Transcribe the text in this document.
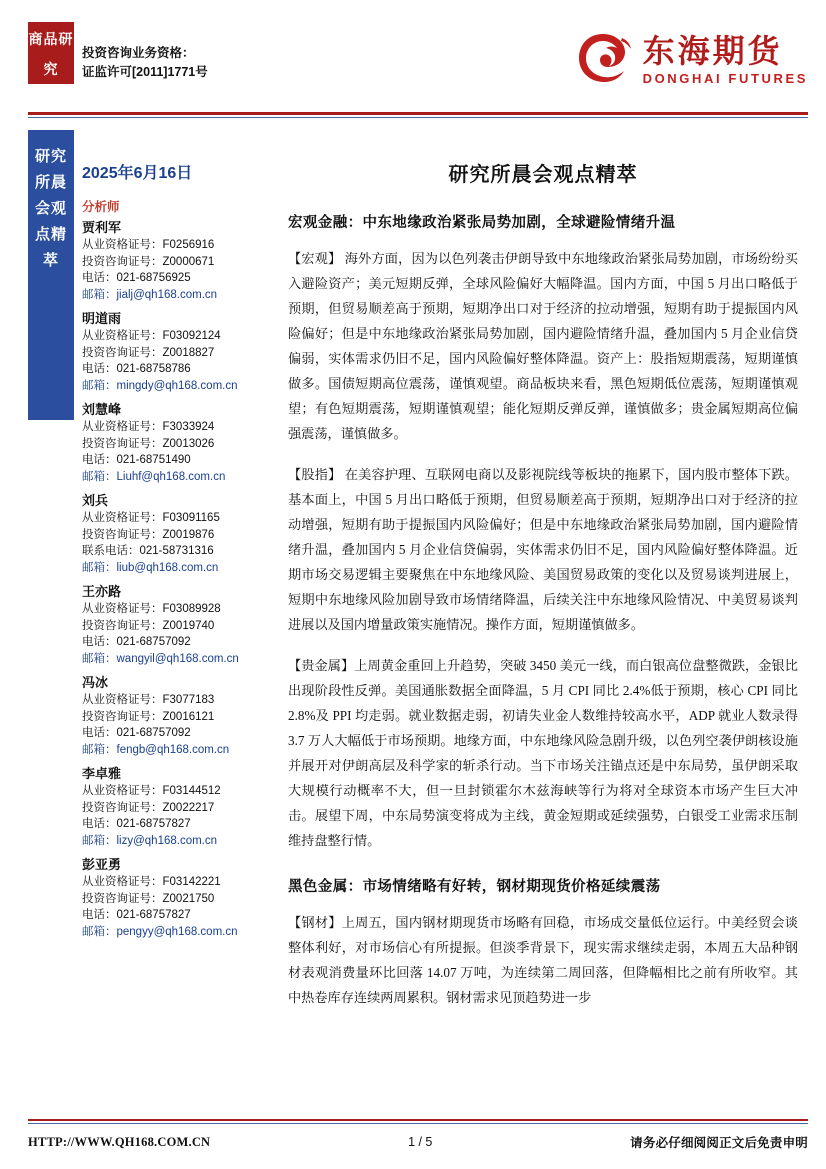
商品研究
投资咨询业务资格：
证监许可[2011]1771号
东海期货
DONGHAI FUTURES
研究所晨会观点精萃
2025年6月16日
分析师
贾利军
从业资格证号：F0256916
投资咨询证号：Z0000671
电话：021-68756925
邮箱：jialj@qh168.com.cn
明道雨
从业资格证号：F03092124
投资咨询证号：Z0018827
电话：021-68758786
邮箱：mingdy@qh168.com.cn
刘慧峰
从业资格证号：F3033924
投资咨询证号：Z0013026
电话：021-68751490
邮箱：Liuhf@qh168.com.cn
刘兵
从业资格证号：F03091165
投资咨询证号：Z0019876
联系电话：021-58731316
邮箱：liub@qh168.com.cn
王亦路
从业资格证号：F03089928
投资咨询证号：Z0019740
电话：021-68757092
邮箱：wangyil@qh168.com.cn
冯冰
从业资格证号：F3077183
投资咨询证号：Z0016121
电话：021-68757092
邮箱：fengb@qh168.com.cn
李卓雅
从业资格证号：F03144512
投资咨询证号：Z0022217
电话：021-68757827
邮箱：lizy@qh168.com.cn
彭亚勇
从业资格证号：F03142221
投资咨询证号：Z0021750
电话：021-68757827
邮箱：pengyy@qh168.com.cn
研究所晨会观点精萃
宏观金融：中东地缘政治紧张局势加剧，全球避险情绪升温

【宏观】 海外方面，因为以色列袭击伊朗导致中东地缘政治紧张局势加剧，市场纷纷买入避险资产；美元短期反弹，全球风险偏好大幅降温。国内方面，中国 5 月出口略低于预期，但贸易顺差高于预期，短期净出口对于经济的拉动增强，短期有助于提振国内风险偏好；但是中东地缘政治紧张局势加剧，国内避险情绪升温，叠加国内 5 月企业信贷偏弱，实体需求仍旧不足，国内风险偏好整体降温。资产上：股指短期震荡，短期谨慎做多。国债短期高位震荡，谨慎观望。商品板块来看，黑色短期低位震荡，短期谨慎观望；有色短期震荡，短期谨慎观望；能化短期反弹反弹，谨慎做多；贵金属短期高位偏强震荡，谨慎做多。

【股指】 在美容护理、互联网电商以及影视院线等板块的拖累下，国内股市整体下跌。基本面上，中国 5 月出口略低于预期，但贸易顺差高于预期，短期净出口对于经济的拉动增强，短期有助于提振国内风险偏好；但是中东地缘政治紧张局势加剧，国内避险情绪升温，叠加国内 5 月企业信贷偏弱，实体需求仍旧不足，国内风险偏好整体降温。近期市场交易逻辑主要聚焦在中东地缘风险、美国贸易政策的变化以及贸易谈判进展上，短期中东地缘风险加剧导致市场情绪降温，后续关注中东地缘风险情况、中美贸易谈判进展以及国内增量政策实施情况。操作方面，短期谨慎做多。

【贵金属】上周黄金重回上升趋势，突破 3450 美元一线，而白银高位盘整微跌，金银比出现阶段性反弹。美国通胀数据全面降温，5 月 CPI 同比 2.4%低于预期，核心 CPI 同比 2.8%及 PPI 均走弱。就业数据走弱，初请失业金人数维持较高水平，ADP 就业人数录得 3.7 万人大幅低于市场预期。地缘方面，中东地缘风险急剧升级，以色列空袭伊朗核设施并展开对伊朗高层及科学家的斩杀行动。当下市场关注锚点还是中东局势，虽伊朗采取大规模行动概率不大，但一旦封锁霍尔木兹海峡等行为将对全球资本市场产生巨大冲击。展望下周，中东局势演变将成为主线，黄金短期或延续强势，白银受工业需求压制维持盘整行情。

黑色金属：市场情绪略有好转，钢材期现货价格延续震荡

【钢材】上周五，国内钢材期现货市场略有回稳，市场成交量低位运行。中美经贸会谈整体利好，对市场信心有所提振。但淡季背景下，现实需求继续走弱，本周五大品种钢材表观消费量环比回落 14.07 万吨，为连续第二周回落，但降幅相比之前有所收窄。其中热卷库存连续两周累积。钢材需求见顶趋势进一步

HTTP://WWW.QH168.COM.CN	1 / 5	请务必仔细阅阅正文后免责申明
